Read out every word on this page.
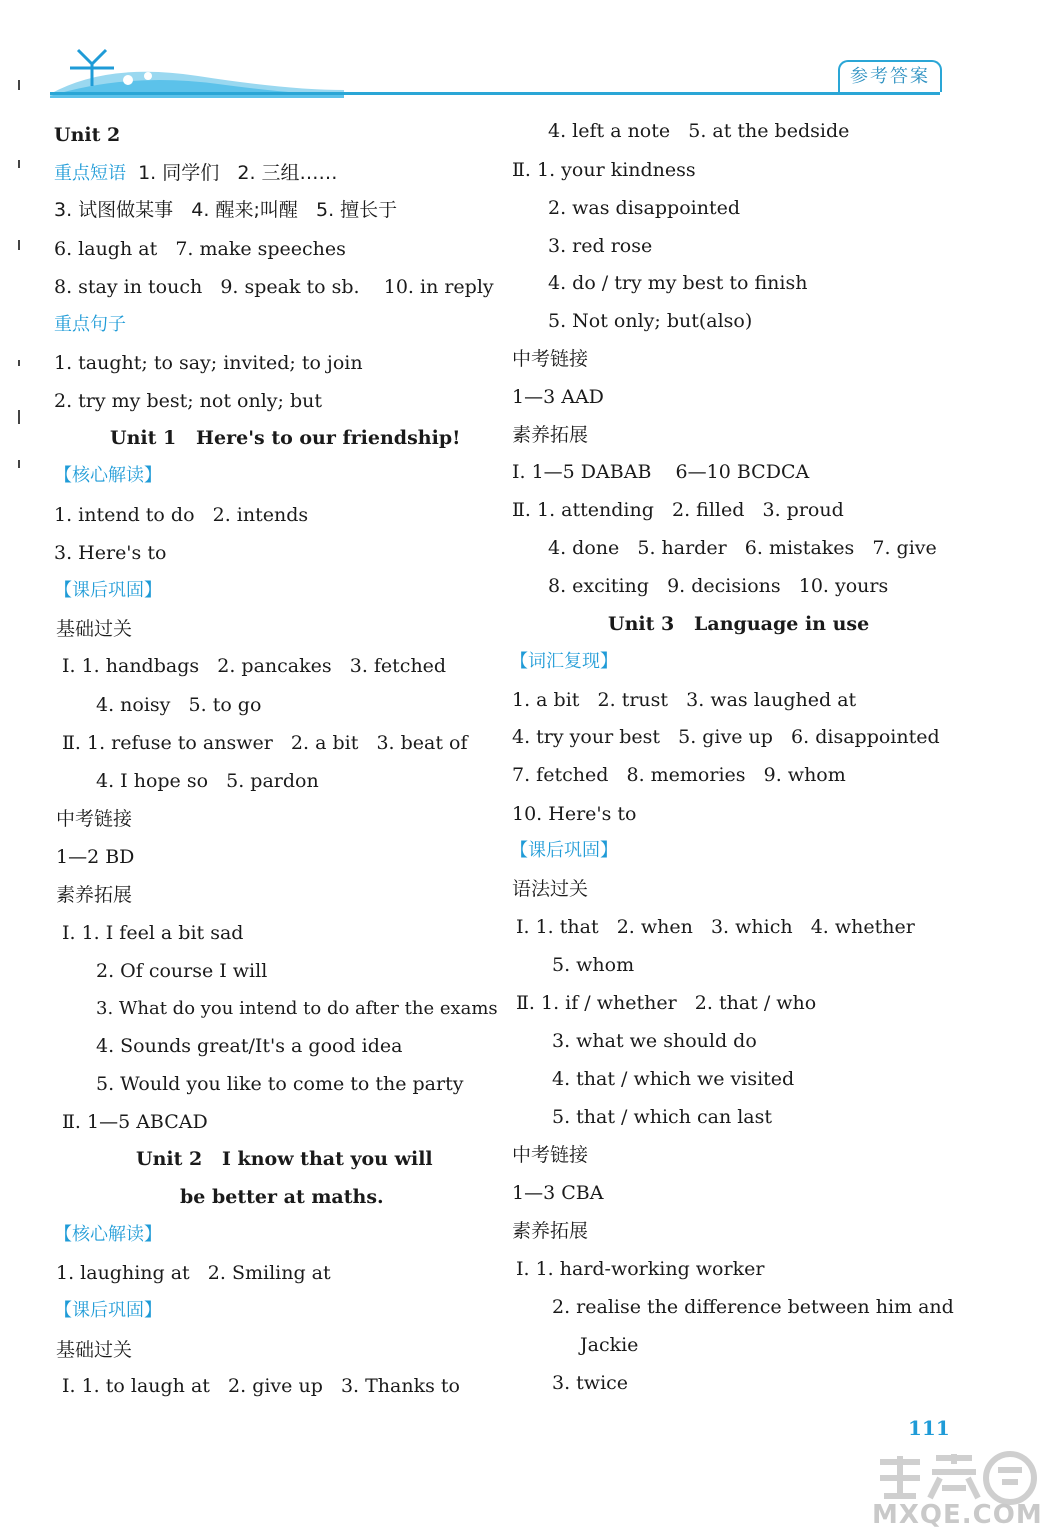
参考答案
Unit 2
重点短语  1. 同学们   2. 三组……
3. 试图做某事   4. 醒来;叫醒   5. 擅长于
6. laugh at   7. make speeches
8. stay in touch   9. speak to sb.    10. in reply
重点句子
1. taught; to say; invited; to join
2. try my best; not only; but
Unit 1   Here's to our friendship!
【核心解读】
1. intend to do   2. intends
3. Here's to
【课后巩固】
基础过关
Ⅰ. 1. handbags   2. pancakes   3. fetched
4. noisy   5. to go
Ⅱ. 1. refuse to answer   2. a bit   3. beat of
4. I hope so   5. pardon
中考链接
1—2 BD
素养拓展
Ⅰ. 1. I feel a bit sad
2. Of course I will
3. What do you intend to do after the exams
4. Sounds great/It's a good idea
5. Would you like to come to the party
Ⅱ. 1—5 ABCAD
Unit 2   I know that you will
be better at maths.
【核心解读】
1. laughing at   2. Smiling at
【课后巩固】
基础过关
Ⅰ. 1. to laugh at   2. give up   3. Thanks to
4. left a note   5. at the bedside
Ⅱ. 1. your kindness
2. was disappointed
3. red rose
4. do / try my best to finish
5. Not only; but(also)
中考链接
1—3 AAD
素养拓展
Ⅰ. 1—5 DABAB    6—10 BCDCA
Ⅱ. 1. attending   2. filled   3. proud
4. done   5. harder   6. mistakes   7. give
8. exciting   9. decisions   10. yours
Unit 3   Language in use
【词汇复现】
1. a bit   2. trust   3. was laughed at
4. try your best   5. give up   6. disappointed
7. fetched   8. memories   9. whom
10. Here's to
【课后巩固】
语法过关
Ⅰ. 1. that   2. when   3. which   4. whether
5. whom
Ⅱ. 1. if / whether   2. that / who
3. what we should do
4. that / which we visited
5. that / which can last
中考链接
1—3 CBA
素养拓展
Ⅰ. 1. hard-working worker
2. realise the difference between him and
Jackie
3. twice
111
MXQE.COM
